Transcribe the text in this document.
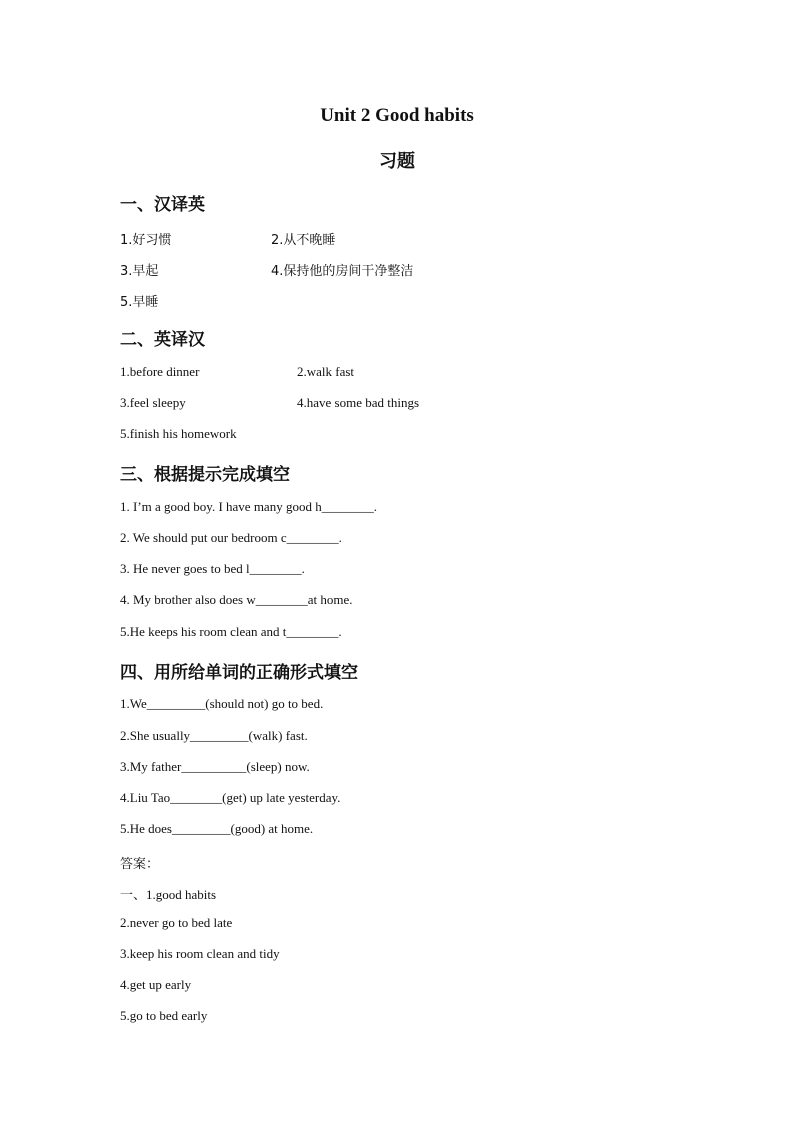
Unit 2 Good habits
习题
一、汉译英
1.好习惯	2.从不晚睡
3.早起	4.保持他的房间干净整洁
5.早睡
二、英译汉
1.before dinner	2.walk fast
3.feel sleepy	4.have some bad things
5.finish his homework
三、根据提示完成填空
1. I’m a good boy. I have many good h________.
2. We should put our bedroom c________.
3. He never goes to bed l________.
4. My brother also does w________at home.
5.He keeps his room clean and t________.
四、用所给单词的正确形式填空
1.We_________(should not) go to bed.
2.She usually_________(walk) fast.
3.My father__________(sleep) now.
4.Liu Tao________(get) up late yesterday.
5.He does_________(good) at home.
答案：
一、1.good habits
2.never go to bed late
3.keep his room clean and tidy
4.get up early
5.go to bed early
